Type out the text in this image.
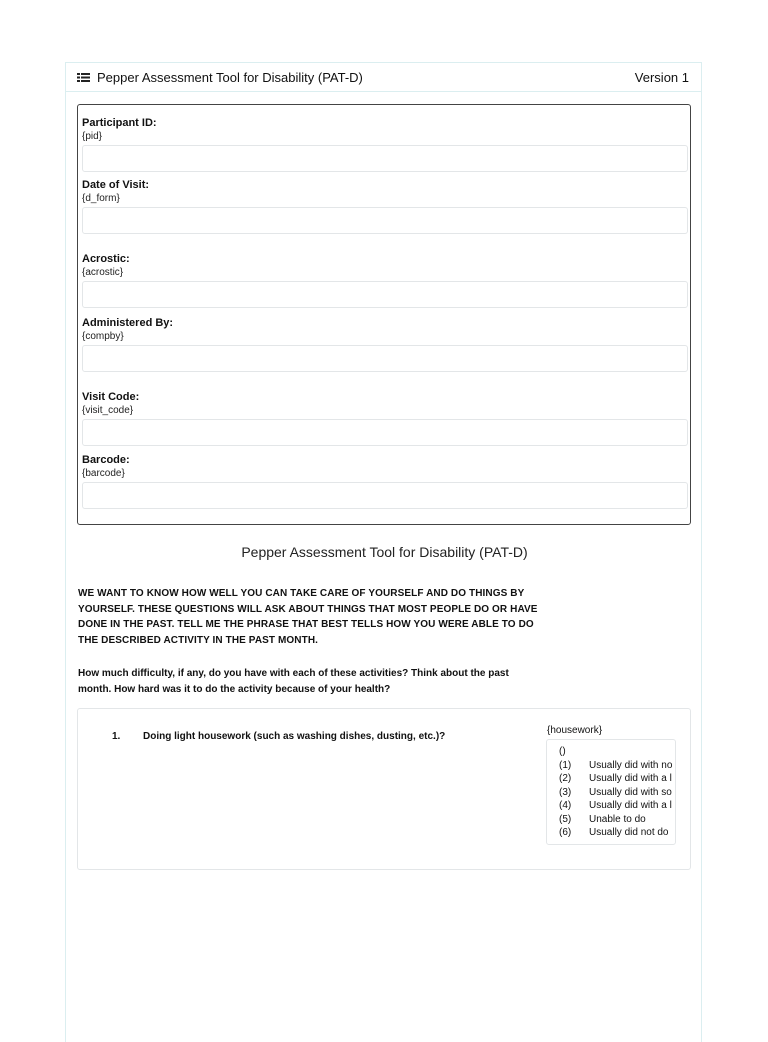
Pepper Assessment Tool for Disability (PAT-D)	Version 1
Participant ID:
{pid}
Date of Visit:
{d_form}
Acrostic:
{acrostic}
Administered By:
{compby}
Visit Code:
{visit_code}
Barcode:
{barcode}
Pepper Assessment Tool for Disability (PAT-D)
WE WANT TO KNOW HOW WELL YOU CAN TAKE CARE OF YOURSELF AND DO THINGS BY YOURSELF. THESE QUESTIONS WILL ASK ABOUT THINGS THAT MOST PEOPLE DO OR HAVE DONE IN THE PAST. TELL ME THE PHRASE THAT BEST TELLS HOW YOU WERE ABLE TO DO THE DESCRIBED ACTIVITY IN THE PAST MONTH.
How much difficulty, if any, do you have with each of these activities? Think about the past month. How hard was it to do the activity because of your health?
1. Doing light housework (such as washing dishes, dusting, etc.)?
{housework}
()
(1)	Usually did with no
(2)	Usually did with a l
(3)	Usually did with so
(4)	Usually did with a l
(5)	Unable to do
(6)	Usually did not do
